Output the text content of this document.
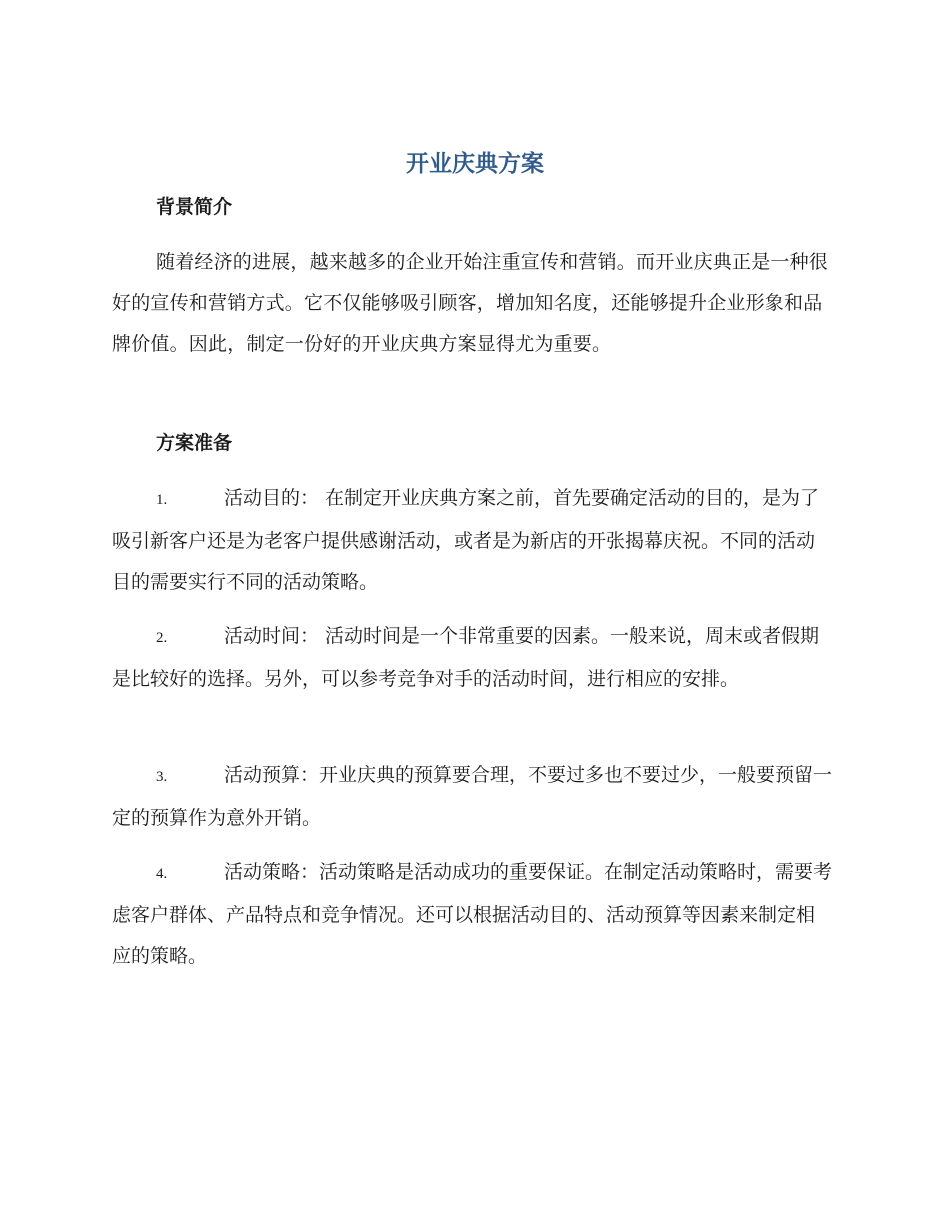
开业庆典方案
背景简介

随着经济的进展，越来越多的企业开始注重宣传和营销。而开业庆典正是一种很好的宣传和营销方式。它不仅能够吸引顾客，增加知名度，还能够提升企业形象和品牌价值。因此，制定一份好的开业庆典方案显得尤为重要。

方案准备

1.	活动目的： 在制定开业庆典方案之前，首先要确定活动的目的，是为了吸引新客户还是为老客户提供感谢活动，或者是为新店的开张揭幕庆祝。不同的活动目的需要实行不同的活动策略。

2.	活动时间： 活动时间是一个非常重要的因素。一般来说，周末或者假期是比较好的选择。另外，可以参考竞争对手的活动时间，进行相应的安排。

3.	活动预算：开业庆典的预算要合理，不要过多也不要过少，一般要预留一定的预算作为意外开销。

4.	活动策略：活动策略是活动成功的重要保证。在制定活动策略时，需要考虑客户群体、产品特点和竞争情况。还可以根据活动目的、活动预算等因素来制定相应的策略。
